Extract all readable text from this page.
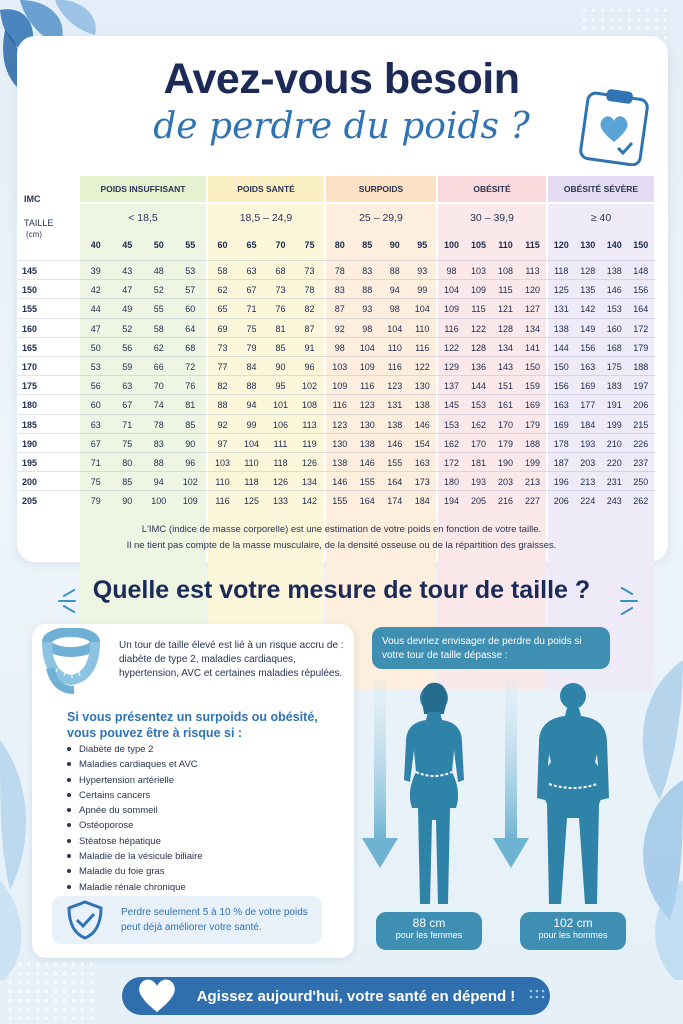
Avez-vous besoin
de perdre du poids ?
IMC
TAILLE
(cm)
POIDS INSUFFISANT
< 18,5
POIDS SANTÉ
18,5 – 24,9
SURPOIDS
25 – 29,9
OBÉSITÉ
30 – 39,9
OBÉSITÉ SÉVÈRE
≥ 40
40	45	50	55	60	65	70	75	80	85	90	95	100	105	110	115	120	130	140	150
145	39	43	48	53	58	63	68	73	78	83	88	93	98	103	108	113	118	128	138	148
150	42	47	52	57	62	67	73	78	83	88	94	99	104	109	115	120	125	135	146	156
155	44	49	55	60	65	71	76	82	87	93	98	104	109	115	121	127	131	142	153	164
160	47	52	58	64	69	75	81	87	92	98	104	110	116	122	128	134	138	149	160	172
165	50	56	62	68	73	79	85	91	98	104	110	116	122	128	134	141	144	156	168	179
170	53	59	66	72	77	84	90	96	103	109	116	122	129	136	143	150	150	163	175	188
175	56	63	70	76	82	88	95	102	109	116	123	130	137	144	151	159	156	169	183	197
180	60	67	74	81	88	94	101	108	116	123	131	138	145	153	161	169	163	177	191	206
185	63	71	78	85	92	99	106	113	123	130	138	146	153	162	170	179	169	184	199	215
190	67	75	83	90	97	104	111	119	130	138	146	154	162	170	179	188	178	193	210	226
195	71	80	88	96	103	110	118	126	138	146	155	163	172	181	190	199	187	203	220	237
200	75	85	94	102	110	118	126	134	146	155	164	173	180	193	203	213	196	213	231	250
205	79	90	100	109	116	125	133	142	155	164	174	184	194	205	216	227	206	224	243	262
L'IMC (indice de masse corporelle) est une estimation de votre poids en fonction de votre taille.
Il ne tient pas compte de la masse musculaire, de la densité osseuse ou de la répartition des graisses.
Quelle est votre mesure de tour de taille ?
Un tour de taille élevé est lié à un risque accru de : diabète de type 2, maladies cardiaques, hypertension, AVC et certaines maladies répulées.
Si vous présentez un surpoids ou obésité, vous pouvez être à risque si :
Diabète de type 2
Maladies cardiaques et AVC
Hypertension artérielle
Certains cancers
Apnée du sommeil
Ostéoporose
Stéatose hépatique
Maladie de la vésicule biliaire
Maladie du foie gras
Maladie rénale chronique
Perdre seulement 5 à 10 % de votre poids peut déjà améliorer votre santé.
Vous devriez envisager de perdre du poids si votre tour de taille dépasse :
88 cm
pour les femmes
102 cm
pour les hommes
Agissez aujourd'hui, votre santé en dépend !
